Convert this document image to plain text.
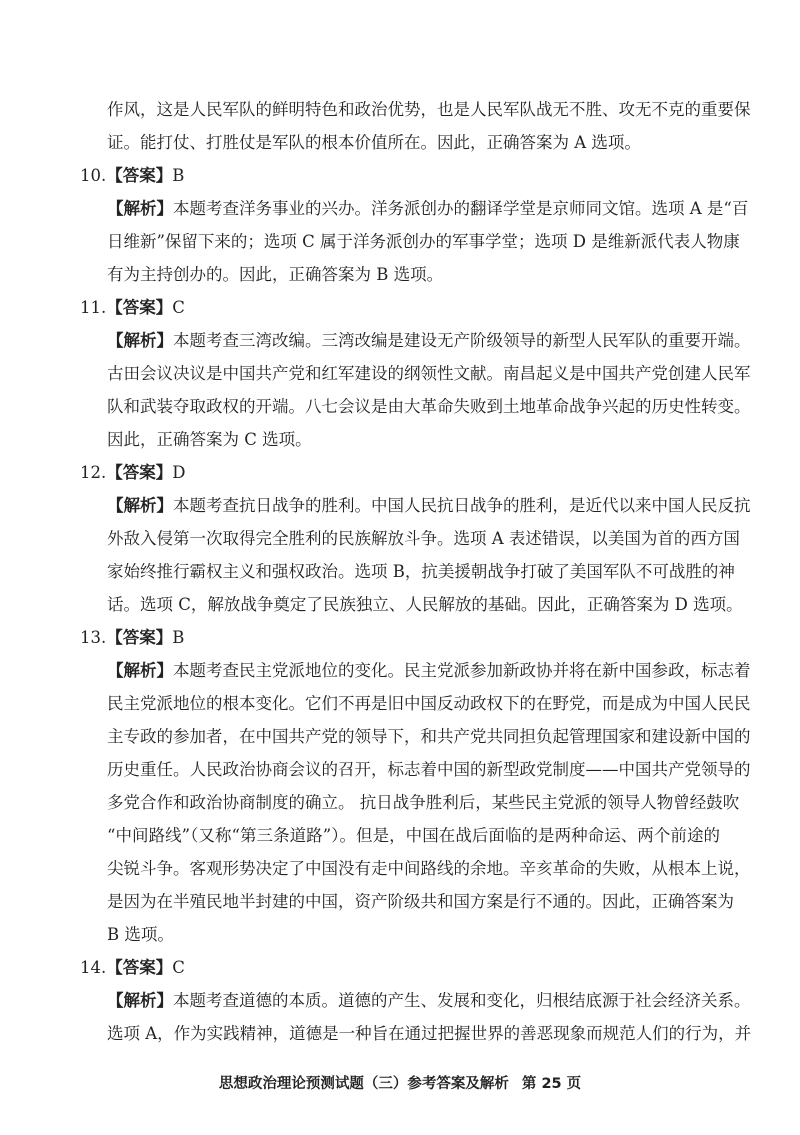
作风，这是人民军队的鲜明特色和政治优势，也是人民军队战无不胜、攻无不克的重要保
证。能打仗、打胜仗是军队的根本价值所在。因此，正确答案为 A 选项。
10.【答案】B
【解析】本题考查洋务事业的兴办。洋务派创办的翻译学堂是京师同文馆。选项 A 是“百
日维新”保留下来的；选项 C 属于洋务派创办的军事学堂；选项 D 是维新派代表人物康
有为主持创办的。因此，正确答案为 B 选项。
11.【答案】C
【解析】本题考查三湾改编。三湾改编是建设无产阶级领导的新型人民军队的重要开端。
古田会议决议是中国共产党和红军建设的纲领性文献。南昌起义是中国共产党创建人民军
队和武装夺取政权的开端。八七会议是由大革命失败到土地革命战争兴起的历史性转变。
因此，正确答案为 C 选项。
12.【答案】D
【解析】本题考查抗日战争的胜利。中国人民抗日战争的胜利，是近代以来中国人民反抗
外敌入侵第一次取得完全胜利的民族解放斗争。选项 A 表述错误，以美国为首的西方国
家始终推行霸权主义和强权政治。选项 B，抗美援朝战争打破了美国军队不可战胜的神
话。选项 C，解放战争奠定了民族独立、人民解放的基础。因此，正确答案为 D 选项。
13.【答案】B
【解析】本题考查民主党派地位的变化。民主党派参加新政协并将在新中国参政，标志着
民主党派地位的根本变化。它们不再是旧中国反动政权下的在野党，而是成为中国人民民
主专政的参加者，在中国共产党的领导下，和共产党共同担负起管理国家和建设新中国的
历史重任。人民政治协商会议的召开，标志着中国的新型政党制度——中国共产党领导的
多党合作和政治协商制度的确立。 抗日战争胜利后，某些民主党派的领导人物曾经鼓吹
“中间路线”（又称“第三条道路”）。但是，中国在战后面临的是两种命运、两个前途的
尖锐斗争。客观形势决定了中国没有走中间路线的余地。辛亥革命的失败，从根本上说，
是因为在半殖民地半封建的中国，资产阶级共和国方案是行不通的。因此，正确答案为
B 选项。
14.【答案】C
【解析】本题考查道德的本质。道德的产生、发展和变化，归根结底源于社会经济关系。
选项 A，作为实践精神，道德是一种旨在通过把握世界的善恶现象而规范人们的行为，并
思想政治理论预测试题（三）参考答案及解析 第 25 页
